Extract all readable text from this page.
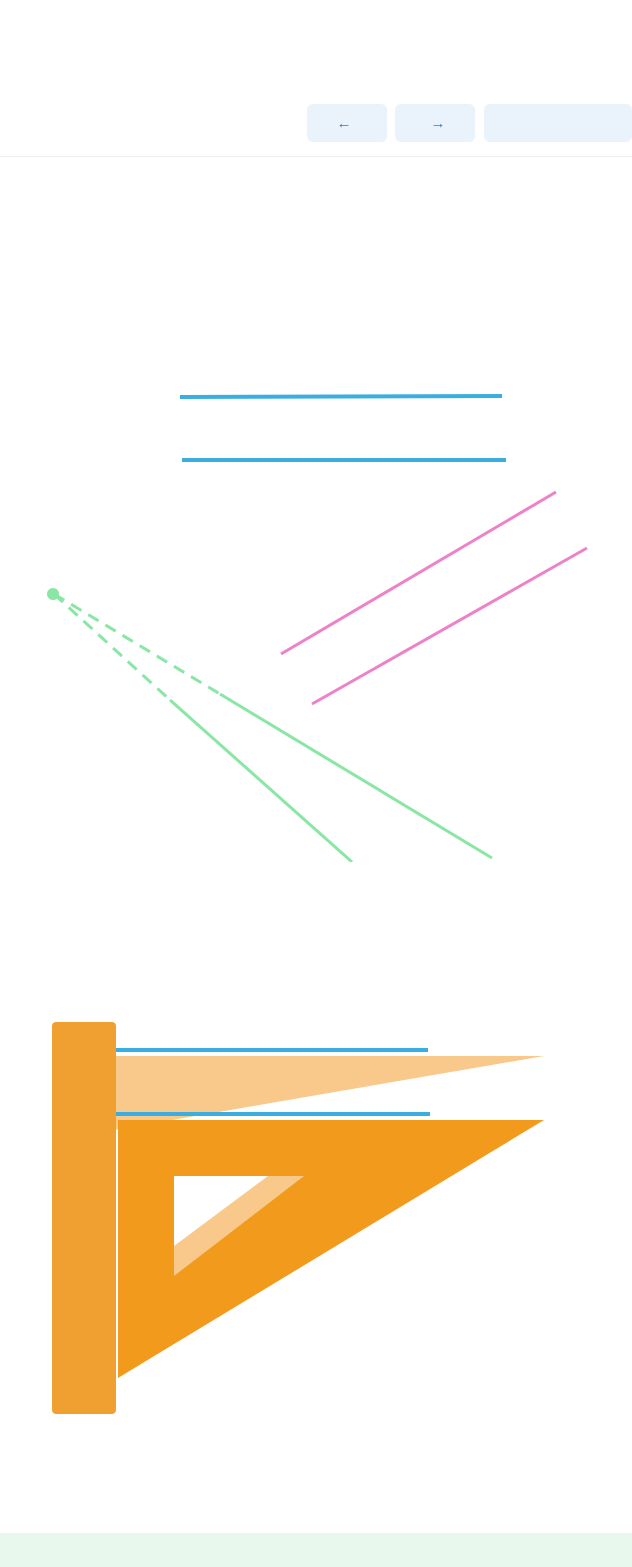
←	→
